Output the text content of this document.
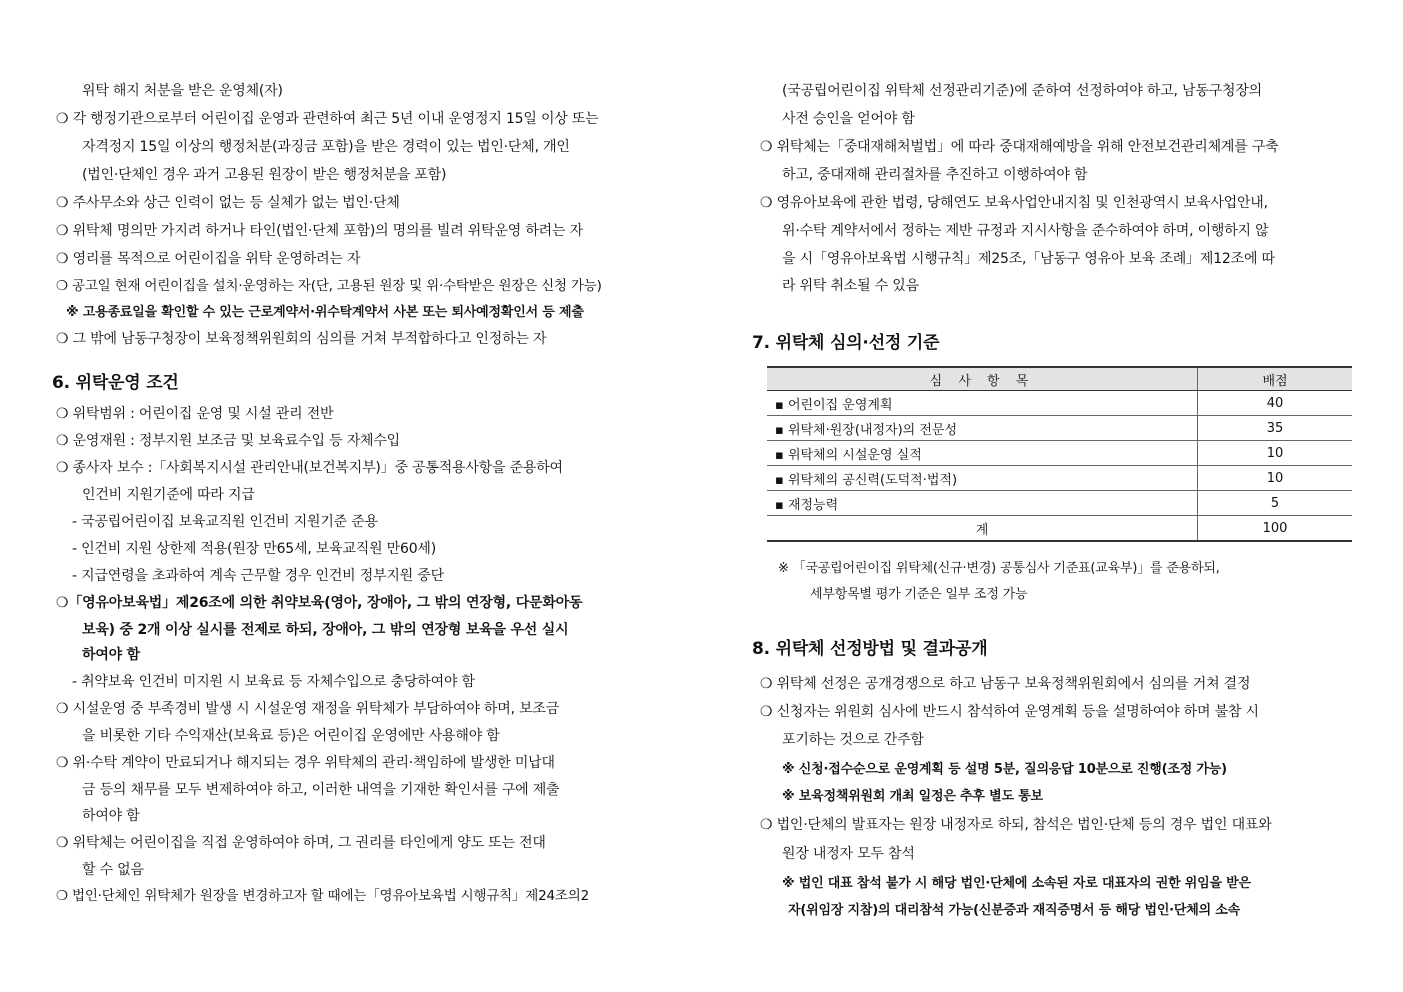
위탁 해지 처분을 받은 운영체(자)
❍ 각 행정기관으로부터 어린이집 운영과 관련하여 최근 5년 이내 운영정지 15일 이상 또는
자격정지 15일 이상의 행정처분(과징금 포함)을 받은 경력이 있는 법인·단체, 개인
(법인·단체인 경우 과거 고용된 원장이 받은 행정처분을 포함)
❍ 주사무소와 상근 인력이 없는 등 실체가 없는 법인·단체
❍ 위탁체 명의만 가지려 하거나 타인(법인·단체 포함)의 명의를 빌려 위탁운영 하려는 자
❍ 영리를 목적으로 어린이집을 위탁 운영하려는 자
❍ 공고일 현재 어린이집을 설치·운영하는 자(단, 고용된 원장 및 위·수탁받은 원장은 신청 가능)
※ 고용종료일을 확인할 수 있는 근로계약서·위수탁계약서 사본 또는 퇴사예정확인서 등 제출
❍ 그 밖에 남동구청장이 보육정책위원회의 심의를 거쳐 부적합하다고 인정하는 자
6. 위탁운영 조건
❍ 위탁범위 : 어린이집 운영 및 시설 관리 전반
❍ 운영재원 : 정부지원 보조금 및 보육료수입 등 자체수입
❍ 종사자 보수 :「사회복지시설 관리안내(보건복지부)」중 공통적용사항을 준용하여
인건비 지원기준에 따라 지급
- 국공립어린이집 보육교직원 인건비 지원기준 준용
- 인건비 지원 상한제 적용(원장 만65세, 보육교직원 만60세)
- 지급연령을 초과하여 계속 근무할 경우 인건비 정부지원 중단
❍「영유아보육법」제26조에 의한 취약보육(영아, 장애아, 그 밖의 연장형, 다문화아동
보육) 중 2개 이상 실시를 전제로 하되, 장애아, 그 밖의 연장형 보육을 우선 실시
하여야 함
- 취약보육 인건비 미지원 시 보육료 등 자체수입으로 충당하여야 함
❍ 시설운영 중 부족경비 발생 시 시설운영 재정을 위탁체가 부담하여야 하며, 보조금
을 비롯한 기타 수익재산(보육료 등)은 어린이집 운영에만 사용해야 함
❍ 위·수탁 계약이 만료되거나 해지되는 경우 위탁체의 관리·책임하에 발생한 미납대
금 등의 채무를 모두 변제하여야 하고, 이러한 내역을 기재한 확인서를 구에 제출
하여야 함
❍ 위탁체는 어린이집을 직접 운영하여야 하며, 그 권리를 타인에게 양도 또는 전대
할 수 없음
❍ 법인·단체인 위탁체가 원장을 변경하고자 할 때에는「영유아보육법 시행규칙」제24조의2
(국공립어린이집 위탁체 선정관리기준)에 준하여 선정하여야 하고, 남동구청장의
사전 승인을 얻어야 함
❍ 위탁체는「중대재해처벌법」에 따라 중대재해예방을 위해 안전보건관리체계를 구축
하고, 중대재해 관리절차를 추진하고 이행하여야 함
❍ 영유아보육에 관한 법령, 당해연도 보육사업안내지침 및 인천광역시 보육사업안내,
위·수탁 계약서에서 정하는 제반 규정과 지시사항을 준수하여야 하며, 이행하지 않
을 시「영유아보육법 시행규칙」제25조,「남동구 영유아 보육 조례」제12조에 따
라 위탁 취소될 수 있음
7. 위탁체 심의·선정 기준
심 사 항 목	배점
▪ 어린이집 운영계획	40
▪ 위탁체·원장(내정자)의 전문성	35
▪ 위탁체의 시설운영 실적	10
▪ 위탁체의 공신력(도덕적·법적)	10
▪ 재정능력	5
계	100
※ 「국공립어린이집 위탁체(신규·변경) 공통심사 기준표(교육부)」를 준용하되,
세부항목별 평가 기준은 일부 조정 가능
8. 위탁체 선정방법 및 결과공개
❍ 위탁체 선정은 공개경쟁으로 하고 남동구 보육정책위원회에서 심의를 거쳐 결정
❍ 신청자는 위원회 심사에 반드시 참석하여 운영계획 등을 설명하여야 하며 불참 시
포기하는 것으로 간주함
※ 신청·접수순으로 운영계획 등 설명 5분, 질의응답 10분으로 진행(조정 가능)
※ 보육정책위원회 개최 일정은 추후 별도 통보
❍ 법인·단체의 발표자는 원장 내정자로 하되, 참석은 법인·단체 등의 경우 법인 대표와
원장 내정자 모두 참석
※ 법인 대표 참석 불가 시 해당 법인·단체에 소속된 자로 대표자의 권한 위임을 받은
자(위임장 지참)의 대리참석 가능(신분증과 재직증명서 등 해당 법인·단체의 소속
